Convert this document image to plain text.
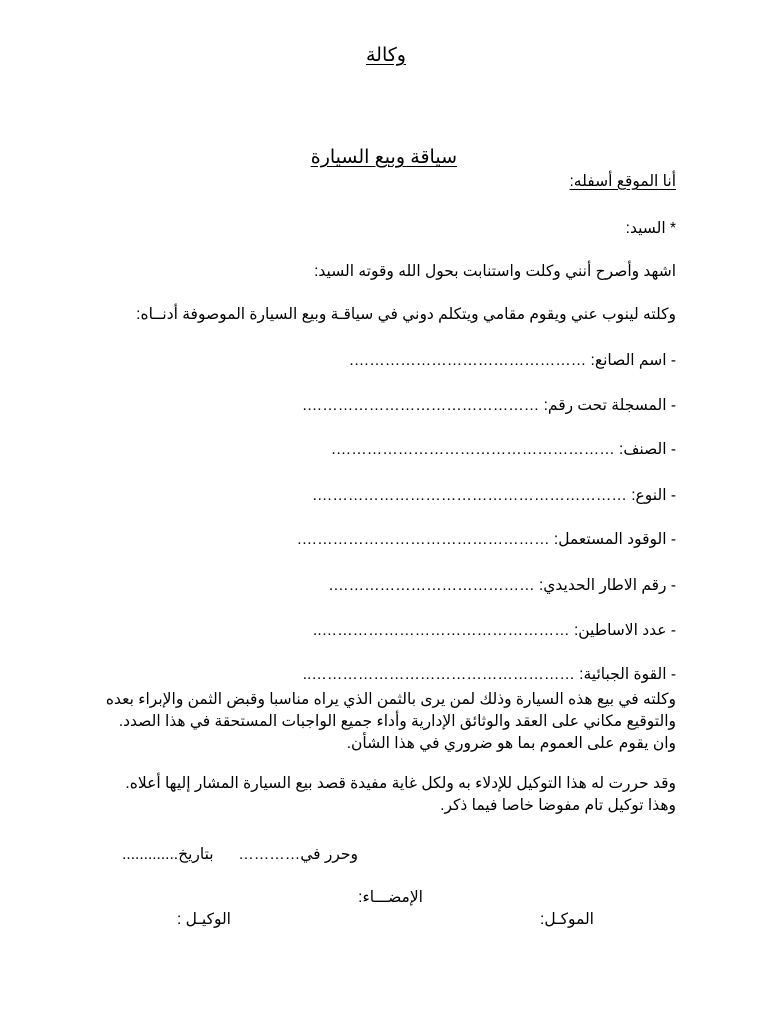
وكالة
سياقة وبيع السيارة
أنا الموقع أسفله:
* السيد:
اشهد وأصرح أنني وكلت واستنابت بحول الله وقوته السيد:
وكلته لينوب عني ويقوم مقامي ويتكلم دوني في سياقـة وبيع السيارة الموصوفة أدنــاه:
- اسم الصانع: ……………………………………….
- المسجلة تحت رقم: ……………………………………….
- الصنف: ……………………………………………….
- النوع: …………………………………………………….
- الوقود المستعمل: ………………………………………….
- رقم الاطار الحديدي: ………………………………….
- عدد الاساطين: …………………………………………..
- القوة الجبائية: ……………………………………………..
وكلته في بيع هذه السيارة وذلك لمن يرى بالثمن الذي يراه مناسبا وقبض الثمن والإبراء بعده
والتوقيع مكاني على العقد والوثائق الإدارية وأداء جميع الواجبات المستحقة في هذا الصدد.
وان يقوم على العموم بما هو ضروري في هذا الشأن.
وقد حررت له هذا التوكيل للإدلاء به ولكل غاية مفيدة قصد بيع السيارة المشار إليها أعلاه.
وهذا توكيل تام مفوضا خاصا فيما ذكر.
وحرر في…………  بتاريخ.............
الإمضـــاء:
الموكـل:
الوكيـل :
